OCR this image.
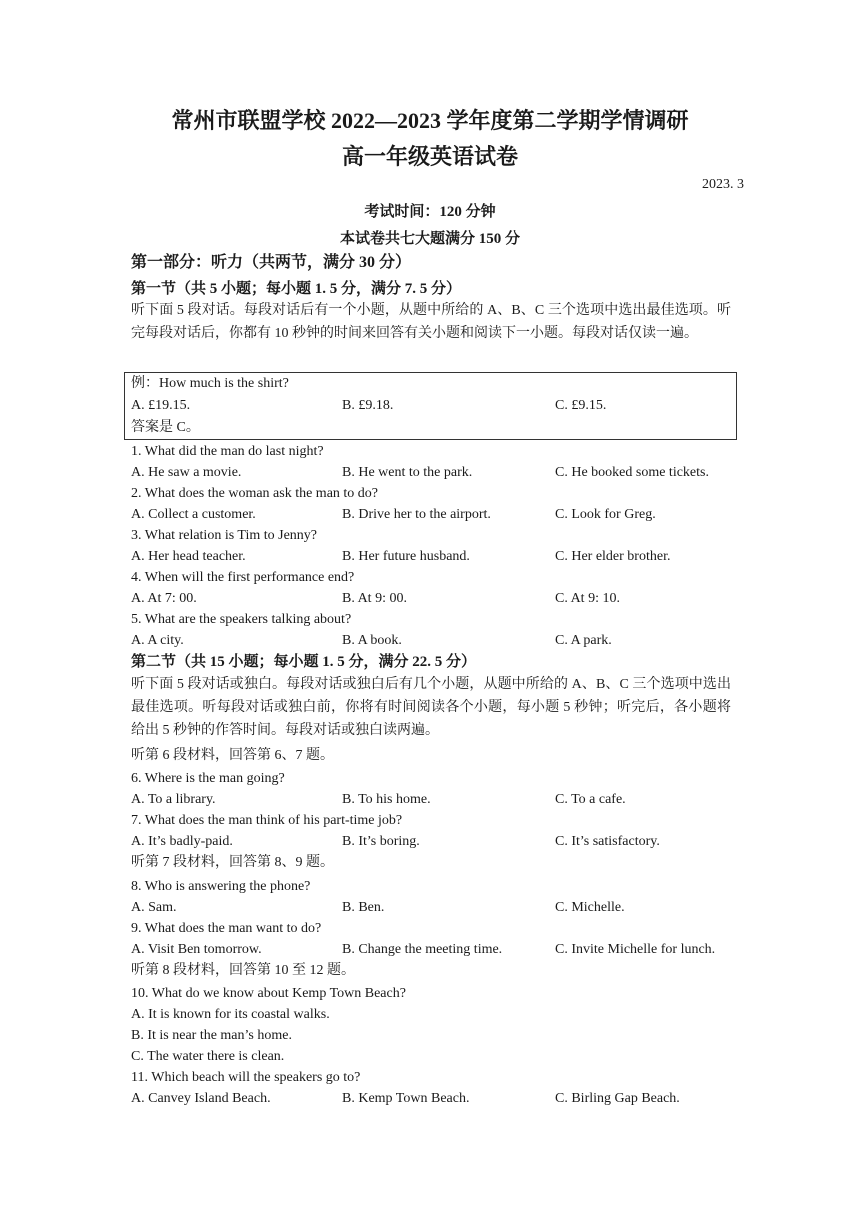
常州市联盟学校 2022—2023 学年度第二学期学情调研
高一年级英语试卷
2023. 3
考试时间：120 分钟
本试卷共七大题满分 150 分
第一部分：听力（共两节，满分 30 分）
第一节（共 5 小题；每小题 1. 5 分，满分 7. 5 分）
听下面 5 段对话。每段对话后有一个小题，从题中所给的 A、B、C 三个选项中选出最佳选项。听完每段对话后，你都有 10 秒钟的时间来回答有关小题和阅读下一小题。每段对话仅读一遍。
例：How much is the shirt?
A. £19.15.	B. £9.18.	C. £9.15.
答案是 C。
1. What did the man do last night?
A. He saw a movie.	B. He went to the park.	C. He booked some tickets.
2. What does the woman ask the man to do?
A. Collect a customer.	B. Drive her to the airport.	C. Look for Greg.
3. What relation is Tim to Jenny?
A. Her head teacher.	B. Her future husband.	C. Her elder brother.
4. When will the first performance end?
A. At 7: 00.	B. At 9: 00.	C. At 9: 10.
5. What are the speakers talking about?
A. A city.	B. A book.	C. A park.
第二节（共 15 小题；每小题 1. 5 分，满分 22. 5 分）
听下面 5 段对话或独白。每段对话或独白后有几个小题，从题中所给的 A、B、C 三个选项中选出最佳选项。听每段对话或独白前，你将有时间阅读各个小题，每小题 5 秒钟；听完后，各小题将给出 5 秒钟的作答时间。每段对话或独白读两遍。
听第 6 段材料，回答第 6、7 题。
6. Where is the man going?
A. To a library.	B. To his home.	C. To a cafe.
7. What does the man think of his part-time job?
A. It’s badly-paid.	B. It’s boring.	C. It’s satisfactory.
听第 7 段材料，回答第 8、9 题。
8. Who is answering the phone?
A. Sam.	B. Ben.	C. Michelle.
9. What does the man want to do?
A. Visit Ben tomorrow.	B. Change the meeting time.	C. Invite Michelle for lunch.
听第 8 段材料，回答第 10 至 12 题。
10. What do we know about Kemp Town Beach?
A. It is known for its coastal walks.
B. It is near the man’s home.
C. The water there is clean.
11. Which beach will the speakers go to?
A. Canvey Island Beach.	B. Kemp Town Beach.	C. Birling Gap Beach.
